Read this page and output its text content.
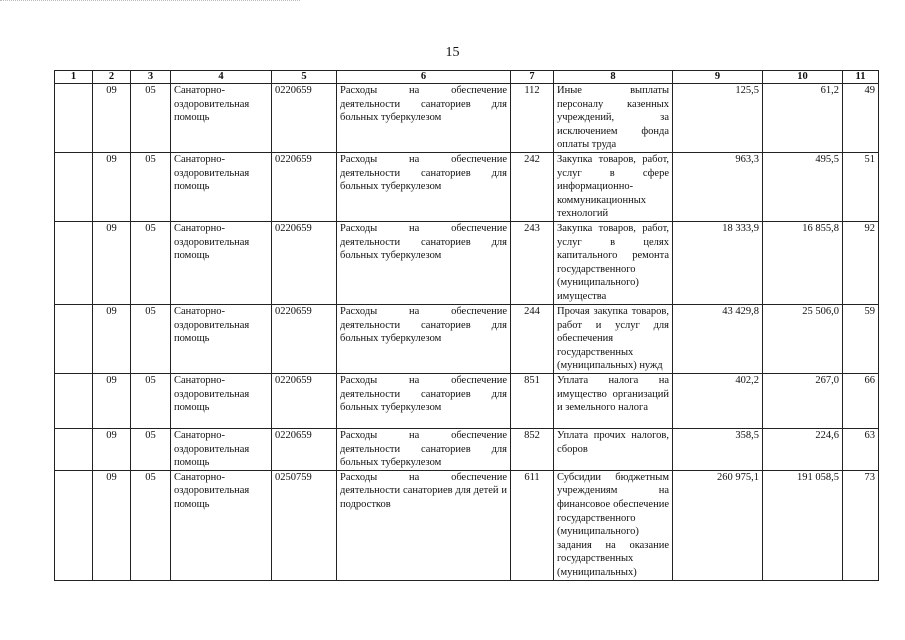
15
1	2	3	4	5	6	7	8	9	10	11
	09	05	Санаторно-оздоровительная помощь	0220659	Расходы на обеспечение деятельности санаториев для больных туберкулезом	112	Иные выплаты персоналу казенных учреждений, за исключением фонда оплаты труда	125,5	61,2	49
	09	05	Санаторно-оздоровительная помощь	0220659	Расходы на обеспечение деятельности санаториев для больных туберкулезом	242	Закупка товаров, работ, услуг в сфере информационно-коммуникационных технологий	963,3	495,5	51
	09	05	Санаторно-оздоровительная помощь	0220659	Расходы на обеспечение деятельности санаториев для больных туберкулезом	243	Закупка товаров, работ, услуг в целях капитального ремонта государственного (муниципального) имущества	18 333,9	16 855,8	92
	09	05	Санаторно-оздоровительная помощь	0220659	Расходы на обеспечение деятельности санаториев для больных туберкулезом	244	Прочая закупка товаров, работ и услуг для обеспечения государственных (муниципальных) нужд	43 429,8	25 506,0	59
	09	05	Санаторно-оздоровительная помощь	0220659	Расходы на обеспечение деятельности санаториев для больных туберкулезом	851	Уплата налога на имущество организаций и земельного налога	402,2	267,0	66
	09	05	Санаторно-оздоровительная помощь	0220659	Расходы на обеспечение деятельности санаториев для больных туберкулезом	852	Уплата прочих налогов, сборов	358,5	224,6	63
	09	05	Санаторно-оздоровительная помощь	0250759	Расходы на обеспечение деятельности санаториев для детей и подростков	611	Субсидии бюджетным учреждениям на финансовое обеспечение государственного (муниципального) задания на оказание государственных (муниципальных)	260 975,1	191 058,5	73
